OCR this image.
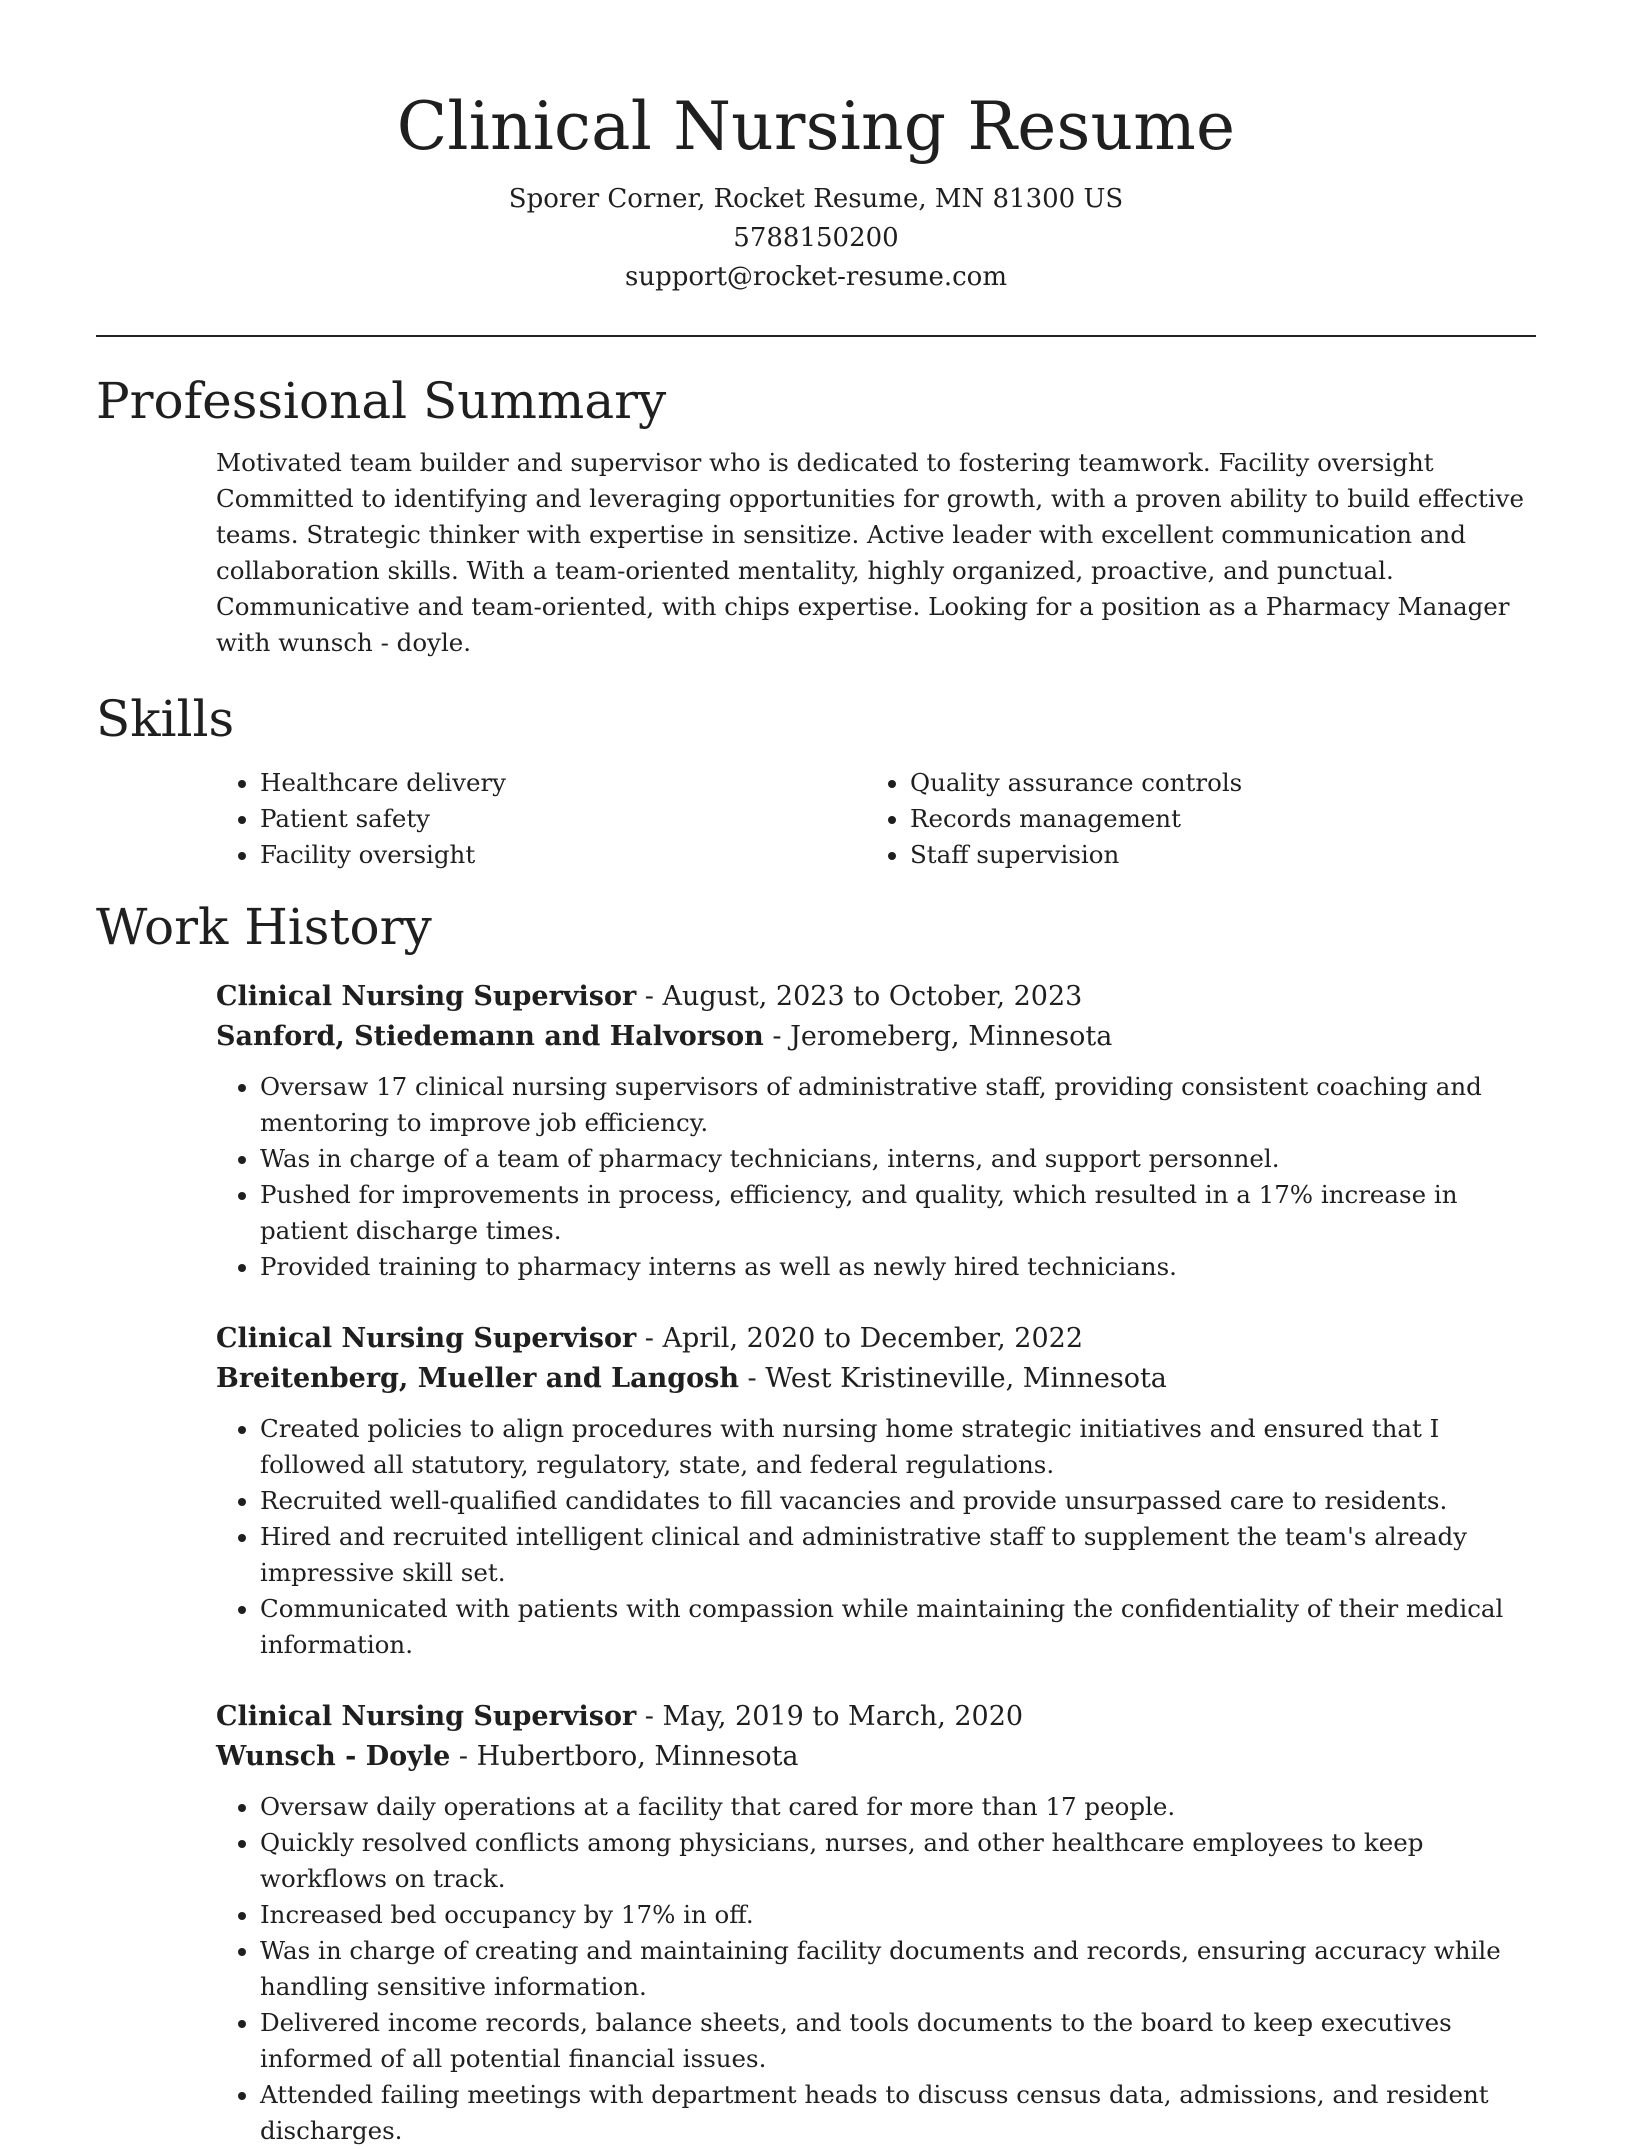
Clinical Nursing Resume

Sporer Corner, Rocket Resume, MN 81300 US

5788150200

support@rocket-resume.com

Professional Summary

Motivated team builder and supervisor who is dedicated to fostering teamwork. Facility oversight Committed to identifying and leveraging opportunities for growth, with a proven ability to build effective teams. Strategic thinker with expertise in sensitize. Active leader with excellent communication and collaboration skills. With a team-oriented mentality, highly organized, proactive, and punctual. Communicative and team-oriented, with chips expertise. Looking for a position as a Pharmacy Manager with wunsch - doyle.

Skills
• Healthcare delivery
• Patient safety
• Facility oversight
• Quality assurance controls
• Records management
• Staff supervision
Work History

Clinical Nursing Supervisor - August, 2023 to October, 2023

Sanford, Stiedemann and Halvorson - Jeromeberg, Minnesota

• Oversaw 17 clinical nursing supervisors of administrative staff, providing consistent coaching and mentoring to improve job efficiency.
• Was in charge of a team of pharmacy technicians, interns, and support personnel.
• Pushed for improvements in process, efficiency, and quality, which resulted in a 17% increase in patient discharge times.
• Provided training to pharmacy interns as well as newly hired technicians.

Clinical Nursing Supervisor - April, 2020 to December, 2022

Breitenberg, Mueller and Langosh - West Kristineville, Minnesota

• Created policies to align procedures with nursing home strategic initiatives and ensured that I followed all statutory, regulatory, state, and federal regulations.
• Recruited well-qualified candidates to fill vacancies and provide unsurpassed care to residents.
• Hired and recruited intelligent clinical and administrative staff to supplement the team's already impressive skill set.
• Communicated with patients with compassion while maintaining the confidentiality of their medical information.

Clinical Nursing Supervisor - May, 2019 to March, 2020

Wunsch - Doyle - Hubertboro, Minnesota

• Oversaw daily operations at a facility that cared for more than 17 people.
• Quickly resolved conflicts among physicians, nurses, and other healthcare employees to keep workflows on track.
• Increased bed occupancy by 17% in off.
• Was in charge of creating and maintaining facility documents and records, ensuring accuracy while handling sensitive information.
• Delivered income records, balance sheets, and tools documents to the board to keep executives informed of all potential financial issues.
• Attended failing meetings with department heads to discuss census data, admissions, and resident discharges.
